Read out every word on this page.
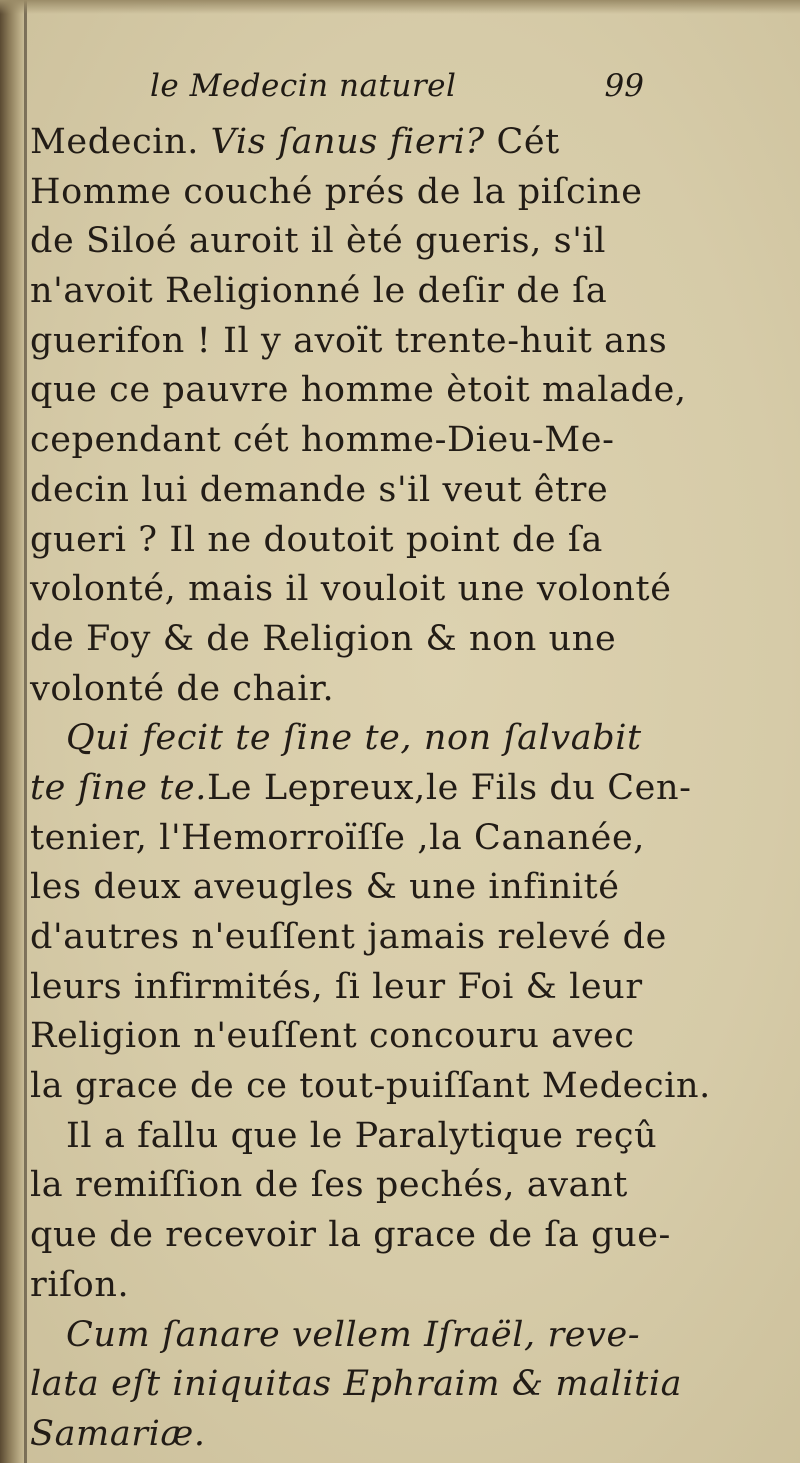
le Medecin naturel	99
Medecin. Vis ſanus fieri? Cét
Homme couché prés de la piſcine
de Siloé auroit il èté gueris, s'il
n'avoit Religionné le deſir de ſa
guerifon ! Il y avoït trente-huit ans
que ce pauvre homme ètoit malade,
cependant cét homme-Dieu-Me-
decin lui demande s'il veut être
gueri ? Il ne doutoit point de ſa
volonté, mais il vouloit une volonté
de Foy & de Religion & non une
volonté de chair.
Qui fecit te ſine te, non ſalvabit
te ſine te.Le Lepreux,le Fils du Cen-
tenier, l'Hemorroïſſe ,la Cananée,
les deux aveugles & une infinité
d'autres n'euſſent jamais relevé de
leurs infirmités, ſi leur Foi & leur
Religion n'euſſent concouru avec
la grace de ce tout-puiſſant Medecin.
Il a fallu que le Paralytique reçû
la remiſſion de ſes pechés, avant
que de recevoir la grace de ſa gue-
riſon.
Cum ſanare vellem Iſraël, reve-
lata eſt iniquitas Ephraim & malitia
Samariæ.
